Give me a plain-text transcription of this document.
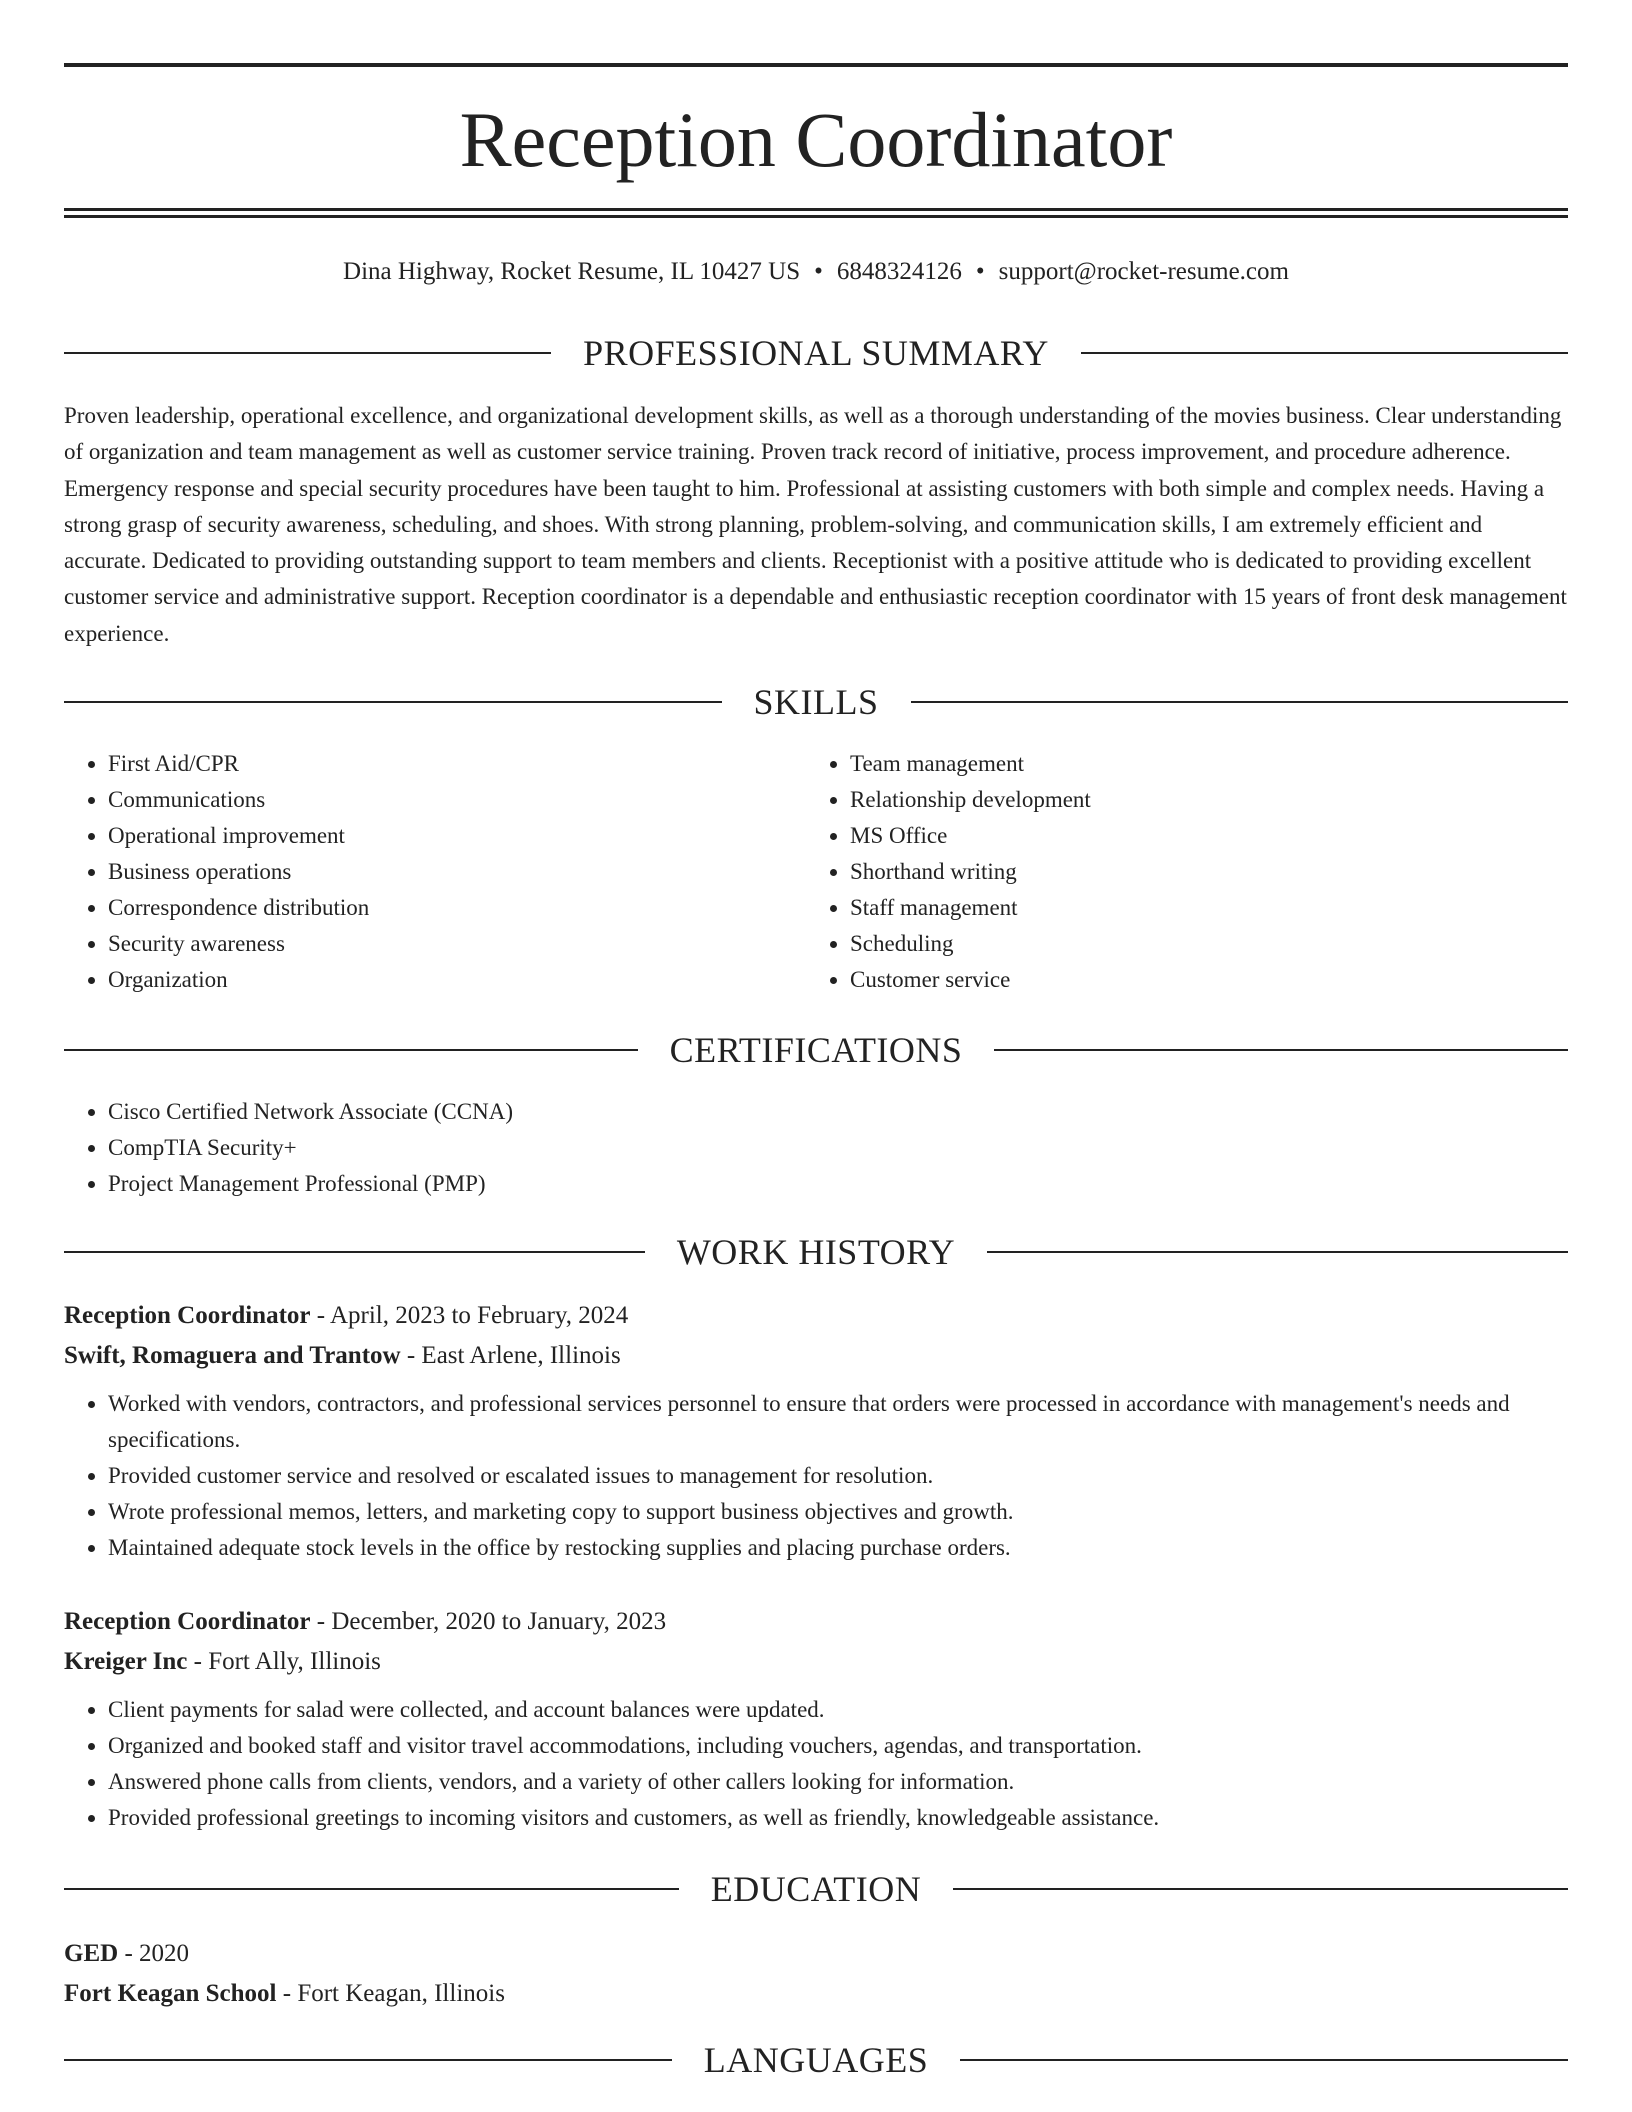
Reception Coordinator
Dina Highway, Rocket Resume, IL 10427 US • 6848324126 • support@rocket-resume.com
PROFESSIONAL SUMMARY

Proven leadership, operational excellence, and organizational development skills, as well as a thorough understanding of the movies business. Clear understanding of organization and team management as well as customer service training. Proven track record of initiative, process improvement, and procedure adherence. Emergency response and special security procedures have been taught to him. Professional at assisting customers with both simple and complex needs. Having a strong grasp of security awareness, scheduling, and shoes. With strong planning, problem-solving, and communication skills, I am extremely efficient and accurate. Dedicated to providing outstanding support to team members and clients. Receptionist with a positive attitude who is dedicated to providing excellent customer service and administrative support. Reception coordinator is a dependable and enthusiastic reception coordinator with 15 years of front desk management experience.

SKILLS
• First Aid/CPR
• Communications
• Operational improvement
• Business operations
• Correspondence distribution
• Security awareness
• Organization
• Team management
• Relationship development
• MS Office
• Shorthand writing
• Staff management
• Scheduling
• Customer service
CERTIFICATIONS
• Cisco Certified Network Associate (CCNA)
• CompTIA Security+
• Project Management Professional (PMP)
WORK HISTORY
Reception Coordinator - April, 2023 to February, 2024
Swift, Romaguera and Trantow - East Arlene, Illinois
• Worked with vendors, contractors, and professional services personnel to ensure that orders were processed in accordance with management's needs and specifications.
• Provided customer service and resolved or escalated issues to management for resolution.
• Wrote professional memos, letters, and marketing copy to support business objectives and growth.
• Maintained adequate stock levels in the office by restocking supplies and placing purchase orders.
Reception Coordinator - December, 2020 to January, 2023
Kreiger Inc - Fort Ally, Illinois
• Client payments for salad were collected, and account balances were updated.
• Organized and booked staff and visitor travel accommodations, including vouchers, agendas, and transportation.
• Answered phone calls from clients, vendors, and a variety of other callers looking for information.
• Provided professional greetings to incoming visitors and customers, as well as friendly, knowledgeable assistance.
EDUCATION
GED - 2020
Fort Keagan School - Fort Keagan, Illinois
LANGUAGES
